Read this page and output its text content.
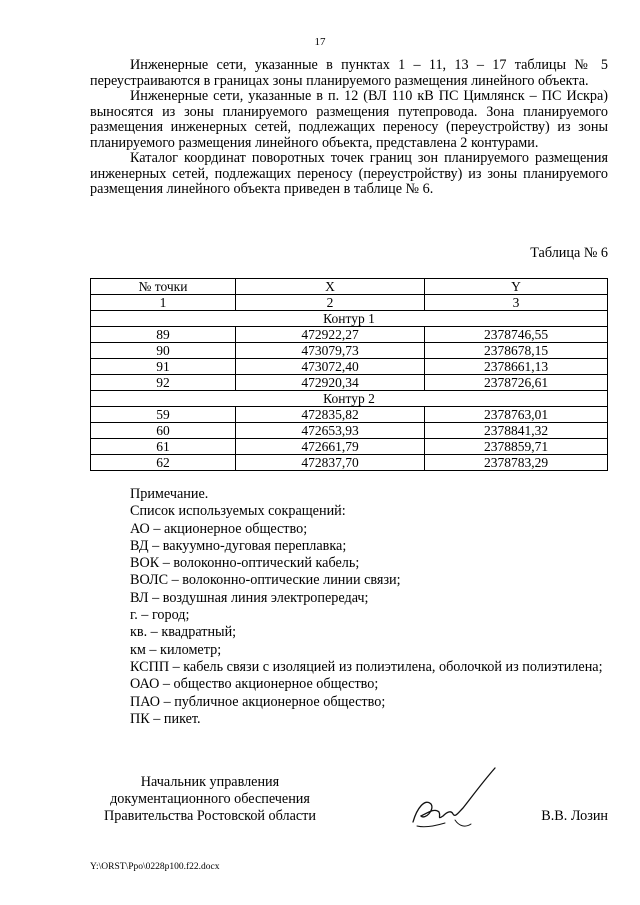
17

Инженерные сети, указанные в пунктах 1 – 11, 13 – 17 таблицы № 5 переустраиваются в границах зоны планируемого размещения линейного объекта.

Инженерные сети, указанные в п. 12 (ВЛ 110 кВ ПС Цимлянск – ПС Искра) выносятся из зоны планируемого размещения путепровода. Зона планируемого размещения инженерных сетей, подлежащих переносу (переустройству) из зоны планируемого размещения линейного объекта, представлена 2 контурами.

Каталог координат поворотных точек границ зон планируемого размещения инженерных сетей, подлежащих переносу (переустройству) из зоны планируемого размещения линейного объекта приведен в таблице № 6.

Таблица № 6
№ точки	X	Y
1	2	3
Контур 1		
89	472922,27	2378746,55
90	473079,73	2378678,15
91	473072,40	2378661,13
92	472920,34	2378726,61
Контур 2		
59	472835,82	2378763,01
60	472653,93	2378841,32
61	472661,79	2378859,71
62	472837,70	2378783,29

Примечание.

Список используемых сокращений:

АО – акционерное общество;

ВД – вакуумно-дуговая переплавка;

ВОК – волоконно-оптический кабель;

ВОЛС – волоконно-оптические линии связи;

ВЛ – воздушная линия электропередач;

г. – город;

кв. – квадратный;

км – километр;

КСПП – кабель связи с изоляцией из полиэтилена, оболочкой из полиэтилена;

ОАО – общество акционерное общество;

ПАО – публичное акционерное общество;

ПК – пикет.

Начальник управления
документационного обеспечения
Правительства Ростовской области	В.В. Лозин
Y:\ORST\Ppo\0228p100.f22.docx
